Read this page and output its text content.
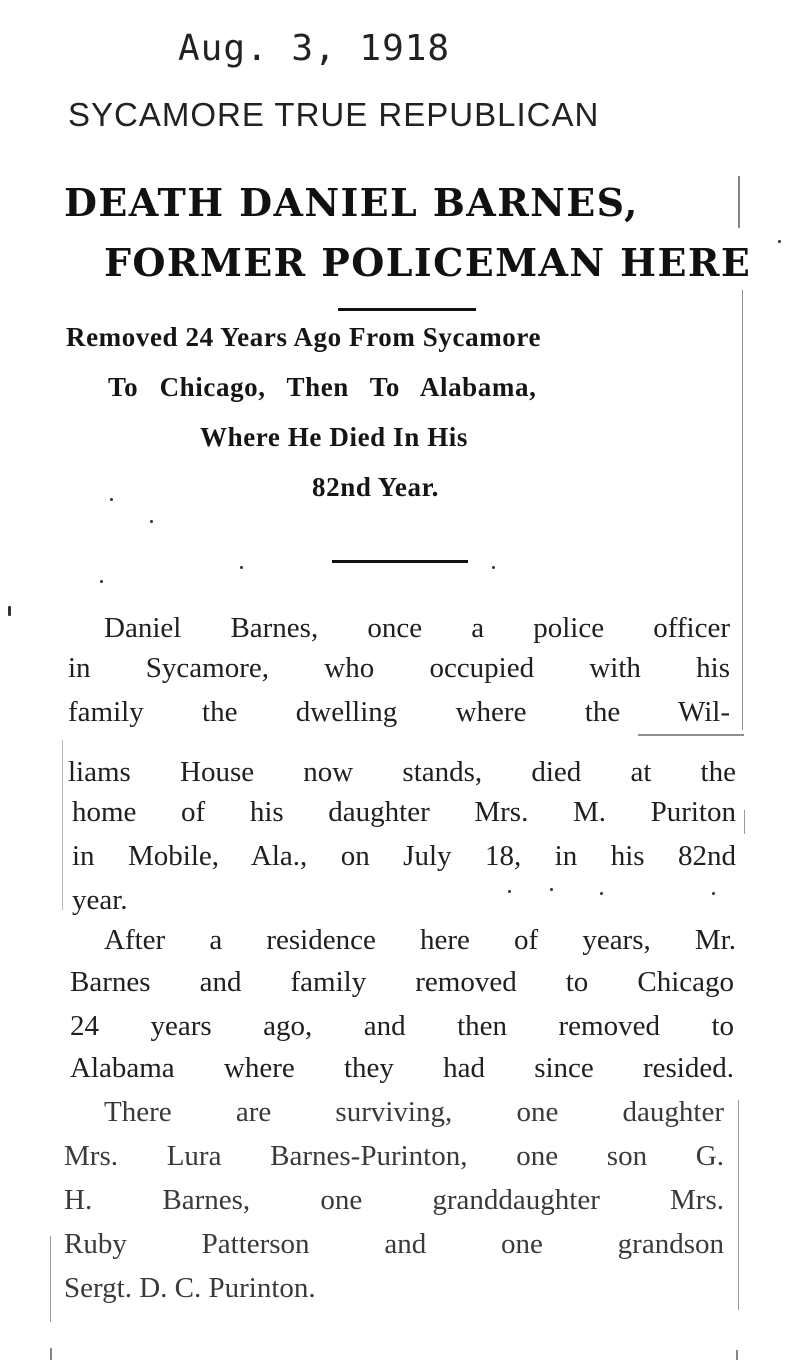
Aug. 3, 1918
SYCAMORE TRUE REPUBLICAN
DEATH DANIEL BARNES,
FORMER POLICEMAN HERE
Removed 24 Years Ago From Sycamore
To Chicago, Then To Alabama,
Where He Died In His
82nd Year.
Daniel Barnes, once a police officer
in Sycamore, who occupied with his
family the dwelling where the Wil-
liams House now stands, died at the
home of his daughter Mrs. M. Puriton
in Mobile, Ala., on July 18, in his 82nd
year.
After a residence here of years, Mr.
Barnes and family removed to Chicago
24 years ago, and then removed to
Alabama where they had since resided.
There are surviving, one daughter
Mrs. Lura Barnes-Purinton, one son G.
H. Barnes, one granddaughter Mrs.
Ruby Patterson and one grandson
Sergt. D. C. Purinton.
